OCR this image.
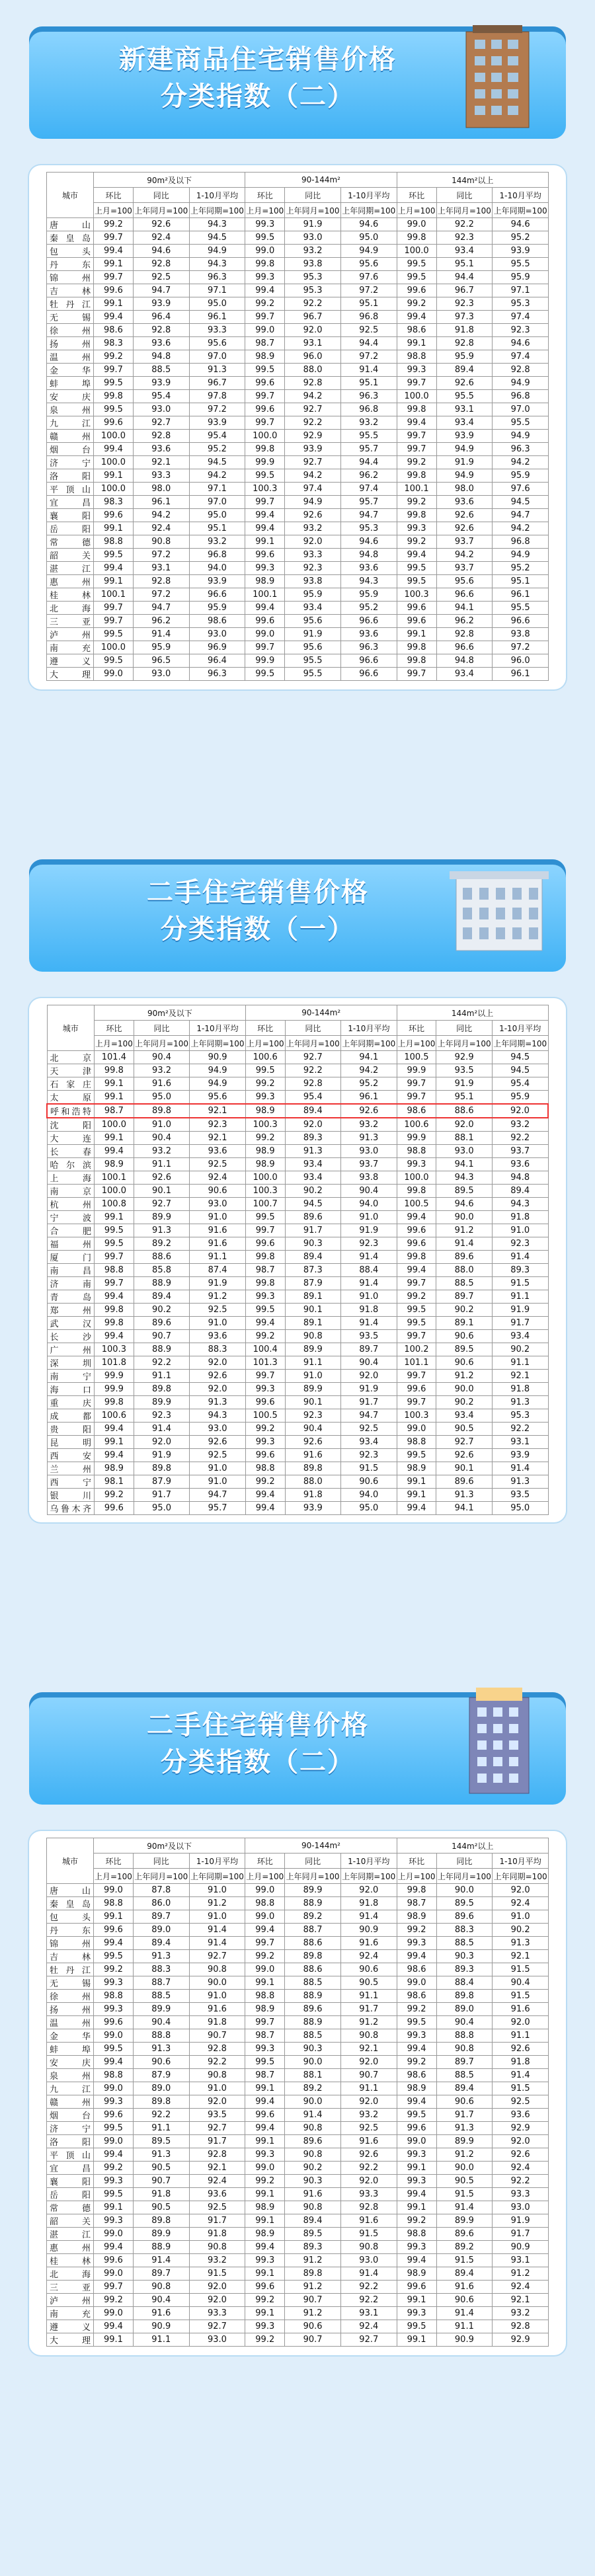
新建商品住宅销售价格
分类指数（二）
城市	90m²及以下			90-144m²			144m²以上		
	环比	同比	1-10月平均	环比	同比	1-10月平均	环比	同比	1-10月平均
	上月=100	上年同月=100	上年同期=100	上月=100	上年同月=100	上年同期=100	上月=100	上年同月=100	上年同期=100
唐山	99.2	92.6	94.3	99.3	91.9	94.6	99.0	92.2	94.6
秦皇岛	99.7	92.4	94.5	99.5	93.0	95.0	99.8	92.3	95.2
包头	99.4	94.6	94.9	99.0	93.2	94.9	100.0	93.4	93.9
丹东	99.1	92.8	94.3	99.8	93.8	95.6	99.5	95.1	95.5
锦州	99.7	92.5	96.3	99.3	95.3	97.6	99.5	94.4	95.9
吉林	99.6	94.7	97.1	99.4	95.3	97.2	99.6	96.7	97.1
牡丹江	99.1	93.9	95.0	99.2	92.2	95.1	99.2	92.3	95.3
无锡	99.4	96.4	96.1	99.7	96.7	96.8	99.4	97.3	97.4
徐州	98.6	92.8	93.3	99.0	92.0	92.5	98.6	91.8	92.3
扬州	98.3	93.6	95.6	98.7	93.1	94.4	99.1	92.8	94.6
温州	99.2	94.8	97.0	98.9	96.0	97.2	98.8	95.9	97.4
金华	99.7	88.5	91.3	99.5	88.0	91.4	99.3	89.4	92.8
蚌埠	99.5	93.9	96.7	99.6	92.8	95.1	99.7	92.6	94.9
安庆	99.8	95.4	97.8	99.7	94.2	96.3	100.0	95.5	96.8
泉州	99.5	93.0	97.2	99.6	92.7	96.8	99.8	93.1	97.0
九江	99.6	92.7	93.9	99.7	92.2	93.2	99.4	93.4	95.5
赣州	100.0	92.8	95.4	100.0	92.9	95.5	99.7	93.9	94.9
烟台	99.4	93.6	95.2	99.8	93.9	95.7	99.7	94.9	96.3
济宁	100.0	92.1	94.5	99.9	92.7	94.4	99.2	91.9	94.2
洛阳	99.1	93.3	94.2	99.5	94.2	96.2	99.8	94.9	95.9
平顶山	100.0	98.0	97.1	100.3	97.4	97.4	100.1	98.0	97.6
宜昌	98.3	96.1	97.0	99.7	94.9	95.7	99.2	93.6	94.5
襄阳	99.6	94.2	95.0	99.4	92.6	94.7	99.8	92.6	94.7
岳阳	99.1	92.4	95.1	99.4	93.2	95.3	99.3	92.6	94.2
常德	98.8	90.8	93.2	99.1	92.0	94.6	99.2	93.7	96.8
韶关	99.5	97.2	96.8	99.6	93.3	94.8	99.4	94.2	94.9
湛江	99.4	93.1	94.0	99.3	92.3	93.6	99.5	93.7	95.2
惠州	99.1	92.8	93.9	98.9	93.8	94.3	99.5	95.6	95.1
桂林	100.1	97.2	96.6	100.1	95.9	95.9	100.3	96.6	96.1
北海	99.7	94.7	95.9	99.4	93.4	95.2	99.6	94.1	95.5
三亚	99.7	96.2	98.6	99.6	95.6	96.6	99.6	96.2	96.6
泸州	99.5	91.4	93.0	99.0	91.9	93.6	99.1	92.8	93.8
南充	100.0	95.9	96.9	99.7	95.6	96.3	99.8	96.6	97.2
遵义	99.5	96.5	96.4	99.9	95.5	96.6	99.8	94.8	96.0
大理	99.0	93.0	96.3	99.5	95.5	96.6	99.7	93.4	96.1
二手住宅销售价格
分类指数（一）
城市	90m²及以下			90-144m²			144m²以上		
	环比	同比	1-10月平均	环比	同比	1-10月平均	环比	同比	1-10月平均
	上月=100	上年同月=100	上年同期=100	上月=100	上年同月=100	上年同期=100	上月=100	上年同月=100	上年同期=100
北京	101.4	90.4	90.9	100.6	92.7	94.1	100.5	92.9	94.5
天津	99.8	93.2	94.9	99.5	92.2	94.2	99.9	93.5	94.5
石家庄	99.1	91.6	94.9	99.2	92.8	95.2	99.7	91.9	95.4
太原	99.1	95.0	95.6	99.3	95.4	96.1	99.7	95.1	95.9
呼和浩特	98.7	89.8	92.1	98.9	89.4	92.6	98.6	88.6	92.0
沈阳	100.0	91.0	92.3	100.3	92.0	93.2	100.6	92.0	93.2
大连	99.1	90.4	92.1	99.2	89.3	91.3	99.9	88.1	92.2
长春	99.4	93.2	93.6	98.9	91.3	93.0	98.8	93.0	93.7
哈尔滨	98.9	91.1	92.5	98.9	93.4	93.7	99.3	94.1	93.6
上海	100.1	92.6	92.4	100.0	93.4	93.8	100.0	94.3	94.8
南京	100.0	90.1	90.6	100.3	90.2	90.4	99.8	89.5	89.4
杭州	100.8	92.7	93.0	100.7	94.5	94.0	100.5	94.6	94.3
宁波	99.1	89.9	91.0	99.5	89.6	91.0	99.4	90.0	91.8
合肥	99.5	91.3	91.6	99.7	91.7	91.9	99.6	91.2	91.0
福州	99.5	89.2	91.6	99.6	90.3	92.3	99.6	91.4	92.3
厦门	99.7	88.6	91.1	99.8	89.4	91.4	99.8	89.6	91.4
南昌	98.8	85.8	87.4	98.7	87.3	88.4	99.4	88.0	89.3
济南	99.7	88.9	91.9	99.8	87.9	91.4	99.7	88.5	91.5
青岛	99.4	89.4	91.2	99.3	89.1	91.0	99.2	89.7	91.1
郑州	99.8	90.2	92.5	99.5	90.1	91.8	99.5	90.2	91.9
武汉	99.8	89.6	91.0	99.4	89.1	91.4	99.5	89.1	91.7
长沙	99.4	90.7	93.6	99.2	90.8	93.5	99.7	90.6	93.4
广州	100.3	88.9	88.3	100.4	89.9	89.7	100.2	89.5	90.2
深圳	101.8	92.2	92.0	101.3	91.1	90.4	101.1	90.6	91.1
南宁	99.9	91.1	92.6	99.7	91.0	92.0	99.7	91.2	92.1
海口	99.9	89.8	92.0	99.3	89.9	91.9	99.6	90.0	91.8
重庆	99.8	89.9	91.3	99.6	90.1	91.7	99.7	90.2	91.3
成都	100.6	92.3	94.3	100.5	92.3	94.7	100.3	93.4	95.3
贵阳	99.4	91.4	93.0	99.2	90.4	92.5	99.0	90.5	92.2
昆明	99.1	92.0	92.6	99.3	92.6	93.4	98.8	92.7	93.1
西安	99.4	91.9	92.5	99.6	91.6	92.3	99.5	92.6	93.9
兰州	98.9	89.8	91.0	98.8	89.8	91.5	98.9	90.1	91.4
西宁	98.1	87.9	91.0	99.2	88.0	90.6	99.1	89.6	91.3
银川	99.2	91.7	94.7	99.4	91.8	94.0	99.1	91.3	93.5
乌鲁木齐	99.6	95.0	95.7	99.4	93.9	95.0	99.4	94.1	95.0
二手住宅销售价格
分类指数（二）
城市	90m²及以下			90-144m²			144m²以上		
	环比	同比	1-10月平均	环比	同比	1-10月平均	环比	同比	1-10月平均
	上月=100	上年同月=100	上年同期=100	上月=100	上年同月=100	上年同期=100	上月=100	上年同月=100	上年同期=100
唐山	99.0	87.8	91.0	99.0	89.9	92.0	99.8	90.0	92.0
秦皇岛	98.8	86.0	91.2	98.8	88.9	91.8	98.7	89.5	92.4
包头	99.1	89.7	91.0	99.0	89.2	91.4	98.9	89.6	91.0
丹东	99.6	89.0	91.4	99.4	88.7	90.9	99.2	88.3	90.2
锦州	99.4	89.4	91.4	99.7	88.6	91.6	99.3	88.5	91.3
吉林	99.5	91.3	92.7	99.2	89.8	92.4	99.4	90.3	92.1
牡丹江	99.2	88.3	90.8	99.0	88.6	90.6	98.6	89.3	91.5
无锡	99.3	88.7	90.0	99.1	88.5	90.5	99.0	88.4	90.4
徐州	98.8	88.5	91.0	98.8	88.9	91.1	98.6	89.8	91.5
扬州	99.3	89.9	91.6	98.9	89.6	91.7	99.2	89.0	91.6
温州	99.6	90.4	91.8	99.7	88.9	91.2	99.5	90.4	92.0
金华	99.0	88.8	90.7	98.7	88.5	90.8	99.3	88.8	91.1
蚌埠	99.5	91.3	92.8	99.3	90.3	92.1	99.4	90.8	92.6
安庆	99.4	90.6	92.2	99.5	90.0	92.0	99.2	89.7	91.8
泉州	98.8	87.9	90.8	98.7	88.1	90.7	98.6	88.5	91.4
九江	99.0	89.0	91.0	99.1	89.2	91.1	98.9	89.4	91.5
赣州	99.3	89.8	92.0	99.4	90.0	92.0	99.4	90.6	92.5
烟台	99.6	92.2	93.5	99.6	91.4	93.2	99.5	91.7	93.6
济宁	99.5	91.1	92.7	99.4	90.8	92.5	99.6	91.3	92.9
洛阳	99.0	89.5	91.7	99.1	89.6	91.6	99.0	89.9	92.0
平顶山	99.4	91.3	92.8	99.3	90.8	92.6	99.3	91.2	92.6
宜昌	99.2	90.5	92.1	99.0	90.2	92.2	99.1	90.0	92.4
襄阳	99.3	90.7	92.4	99.2	90.3	92.0	99.3	90.5	92.2
岳阳	99.5	91.8	93.6	99.1	91.6	93.3	99.4	91.5	93.3
常德	99.1	90.5	92.5	98.9	90.8	92.8	99.1	91.4	93.0
韶关	99.3	89.8	91.7	99.1	89.4	91.6	99.2	89.9	91.9
湛江	99.0	89.9	91.8	98.9	89.5	91.5	98.8	89.6	91.7
惠州	99.4	88.9	90.8	99.4	89.3	90.8	99.3	89.2	90.9
桂林	99.6	91.4	93.2	99.3	91.2	93.0	99.4	91.5	93.1
北海	99.0	89.7	91.5	99.1	89.8	91.4	98.9	89.4	91.2
三亚	99.7	90.8	92.0	99.6	91.2	92.2	99.6	91.6	92.4
泸州	99.2	90.4	92.0	99.2	90.7	92.2	99.1	90.6	92.1
南充	99.0	91.6	93.3	99.1	91.2	93.1	99.3	91.4	93.2
遵义	99.4	90.9	92.7	99.3	90.6	92.4	99.5	91.1	92.8
大理	99.1	91.1	93.0	99.2	90.7	92.7	99.1	90.9	92.9
